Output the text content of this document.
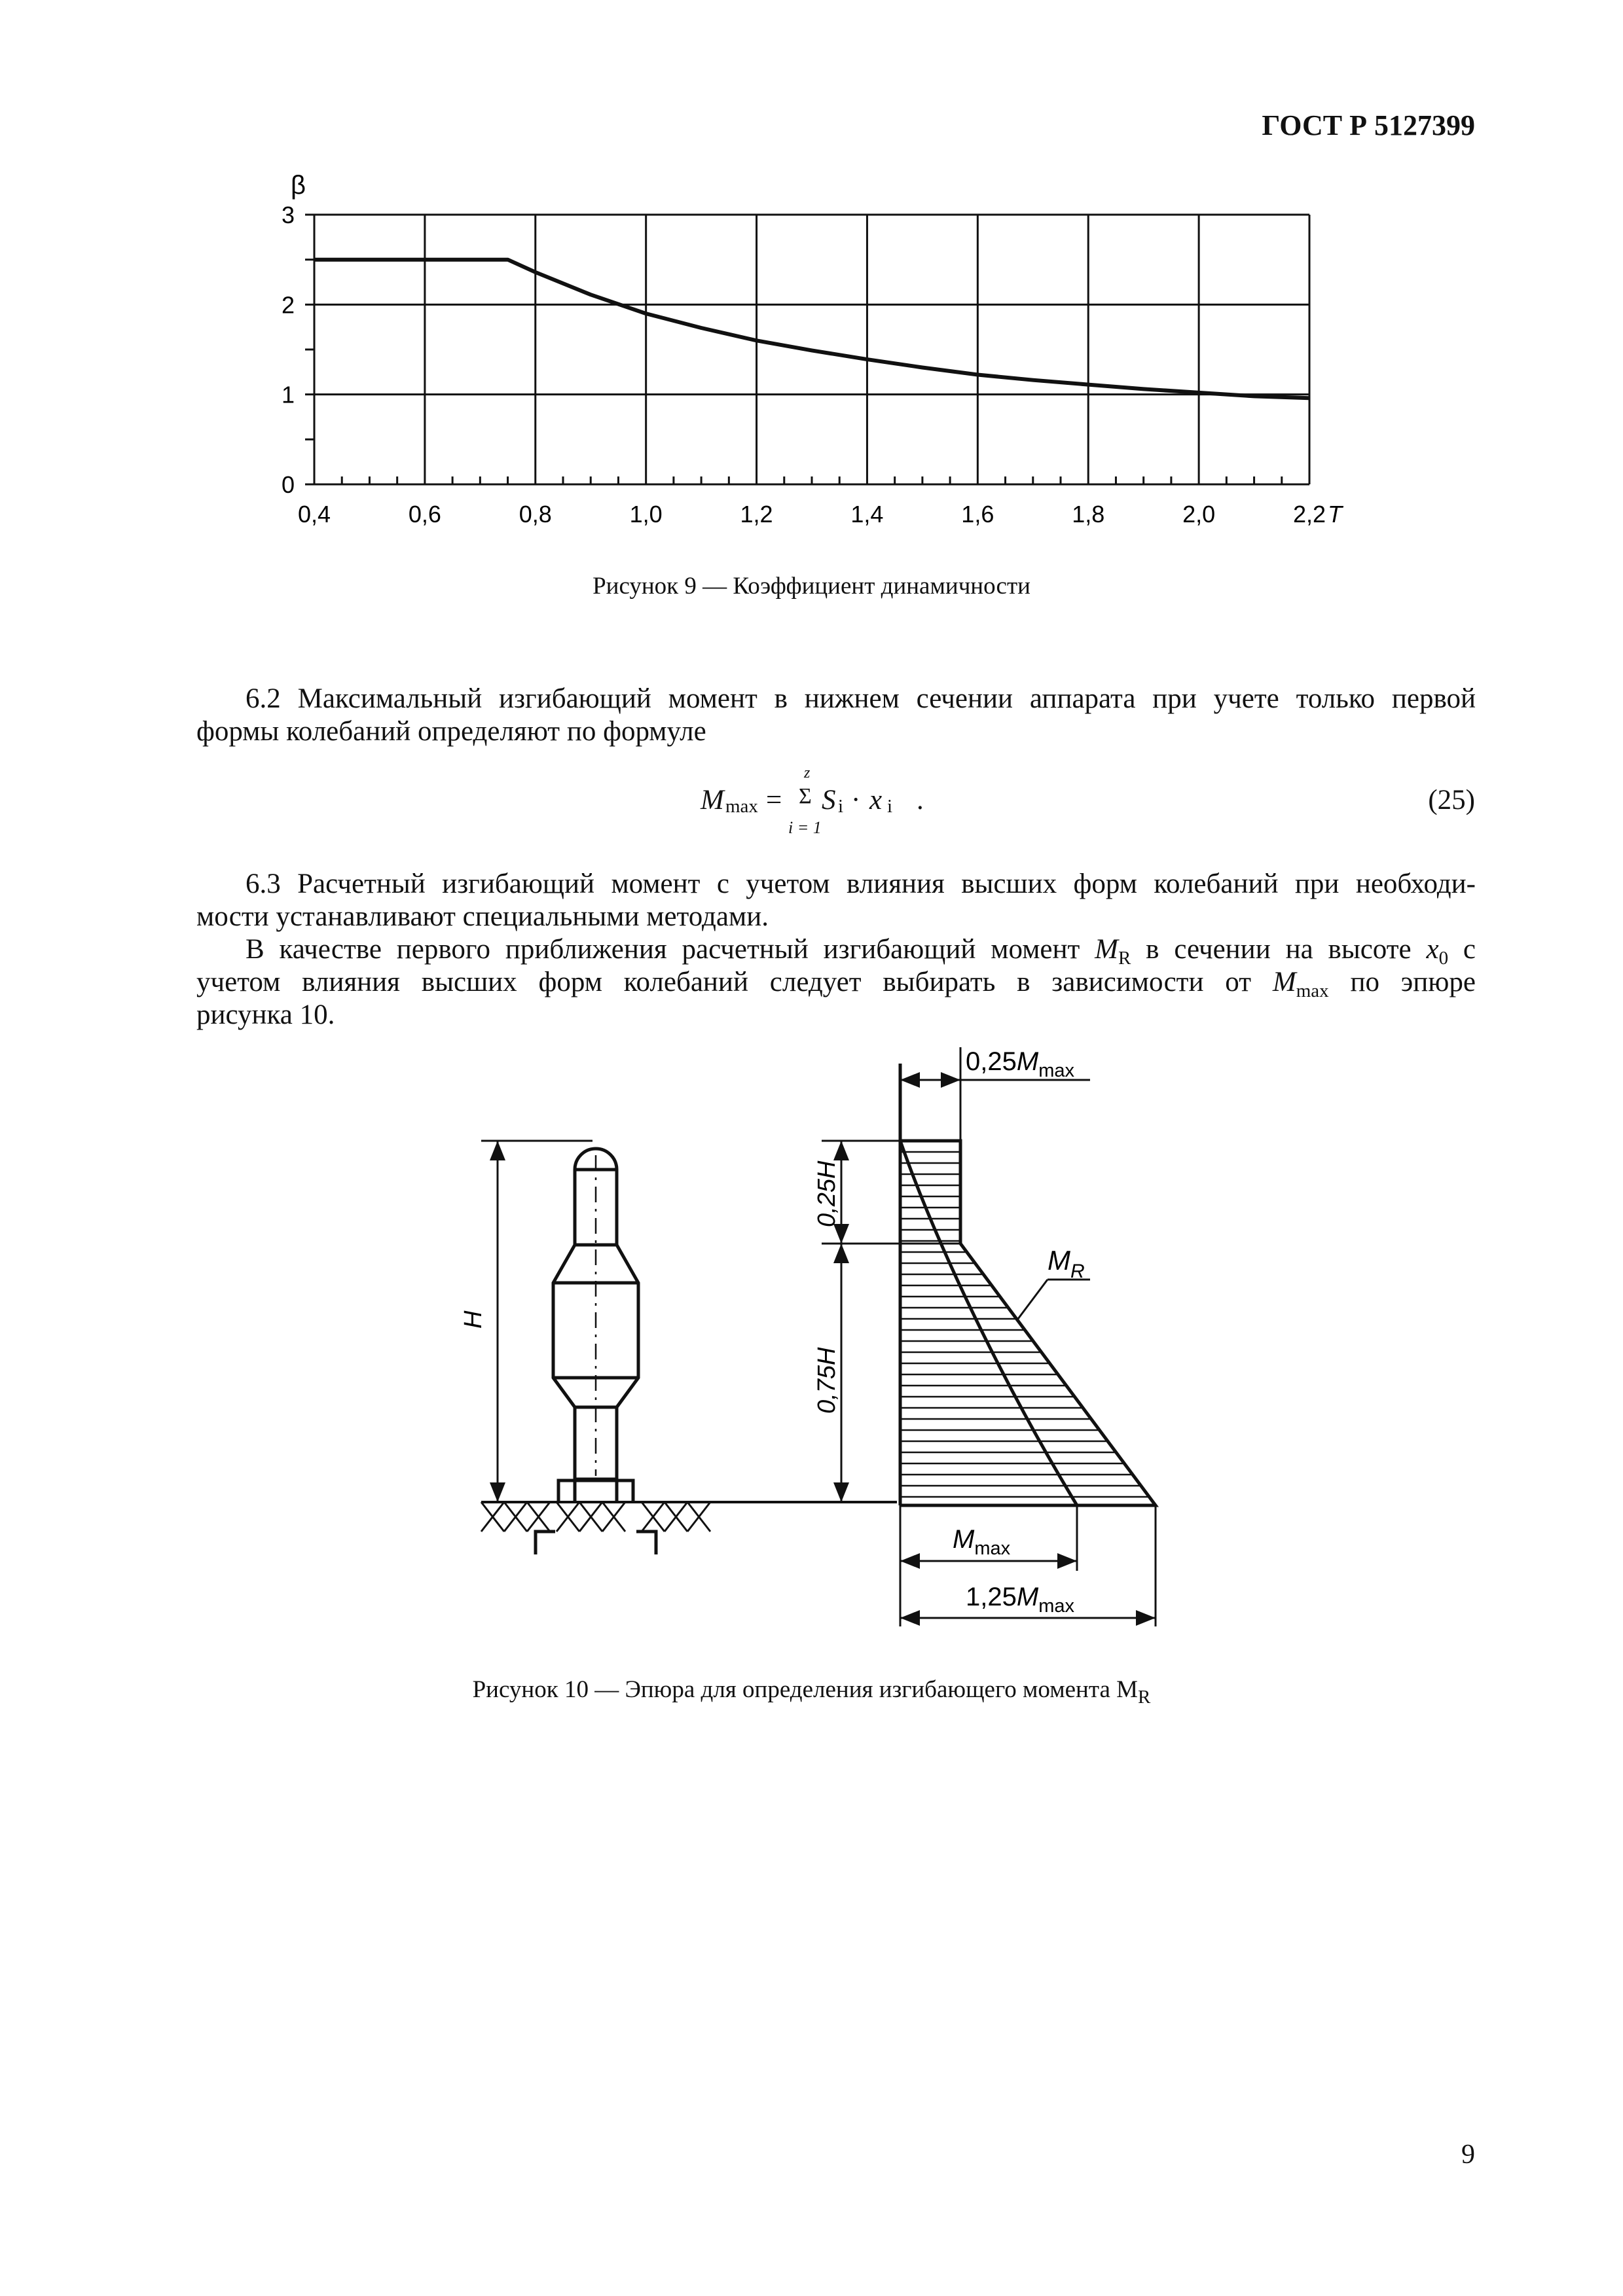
ГОСТ Р 5127399
0,4	0,6	0,8	1,0	1,2	1,4	1,6	1,8	2,0	2,2
0
1
2
3
β
T
Рисунок 9 — Коэффициент динамичности
6.2 Максимальный изгибающий момент в нижнем сечении аппарата при учете только первой
формы колебаний определяют по формуле
M max =
z
Σ
i = 1
S i · x i .	(25)
6.3 Расчетный изгибающий момент с учетом влияния высших форм колебаний при необходи-
мости устанавливают специальными методами.
В качестве первого приближения расчетный изгибающий момент $M_R$ в сечении на высоте $x_0$ с
учетом влияния высших форм колебаний следует выбирать в зависимости от $M_{max}$ по эпюре
рисунка 10.
H
0,25H
0,75H
$0,25M_{max}$
$M_R$
$M_{max}$
$1,25M_{max}$
Рисунок 10 — Эпюра для определения изгибающего момента $M_R$
9
